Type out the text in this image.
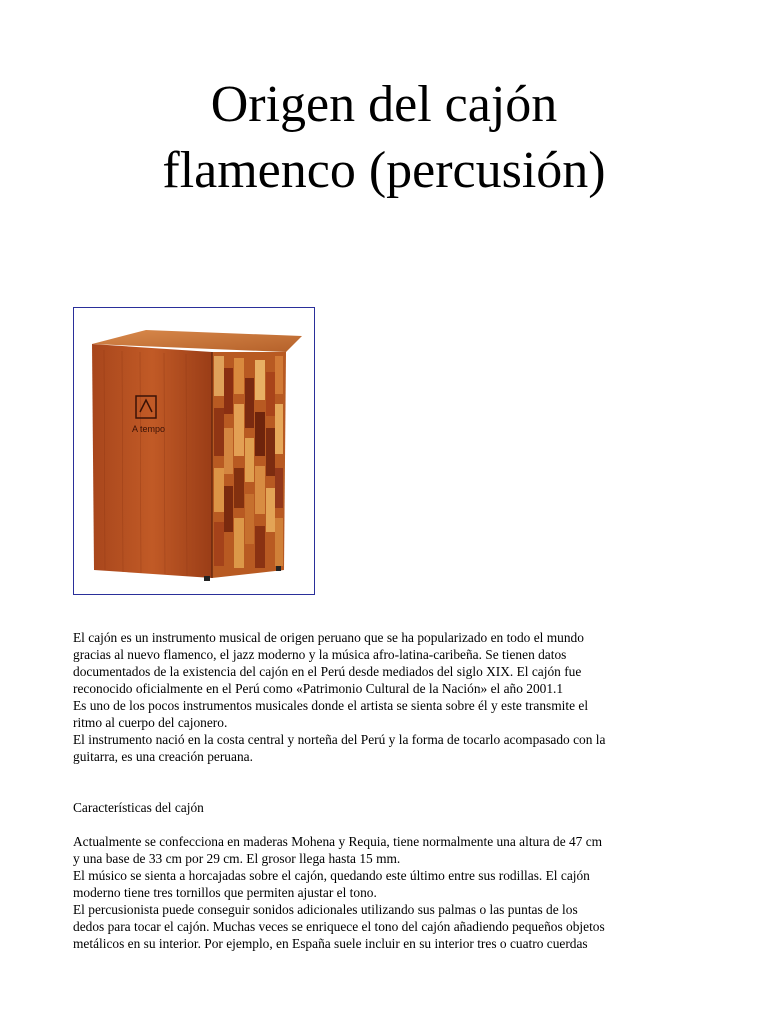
Origen del cajón
flamenco (percusión)
A tempo

El cajón es un instrumento musical de origen peruano que se ha popularizado en todo el mundo

gracias al nuevo flamenco, el jazz moderno y la música afro-latina-caribeña. Se tienen datos

documentados de la existencia del cajón en el Perú desde mediados del siglo XIX. El cajón fue

reconocido oficialmente en el Perú como «Patrimonio Cultural de la Nación» el año 2001.1

Es uno de los pocos instrumentos musicales donde el artista se sienta sobre él y este transmite el

ritmo al cuerpo del cajonero.

El instrumento nació en la costa central y norteña del Perú y la forma de tocarlo acompasado con la

guitarra, es una creación peruana.

Características del cajón

Actualmente se confecciona en maderas Mohena y Requia, tiene normalmente una altura de 47 cm

y una base de 33 cm por 29 cm. El grosor llega hasta 15 mm.

El músico se sienta a horcajadas sobre el cajón, quedando este último entre sus rodillas. El cajón

moderno tiene tres tornillos que permiten ajustar el tono.

El percusionista puede conseguir sonidos adicionales utilizando sus palmas o las puntas de los

dedos para tocar el cajón. Muchas veces se enriquece el tono del cajón añadiendo pequeños objetos

metálicos en su interior. Por ejemplo, en España suele incluir en su interior tres o cuatro cuerdas
